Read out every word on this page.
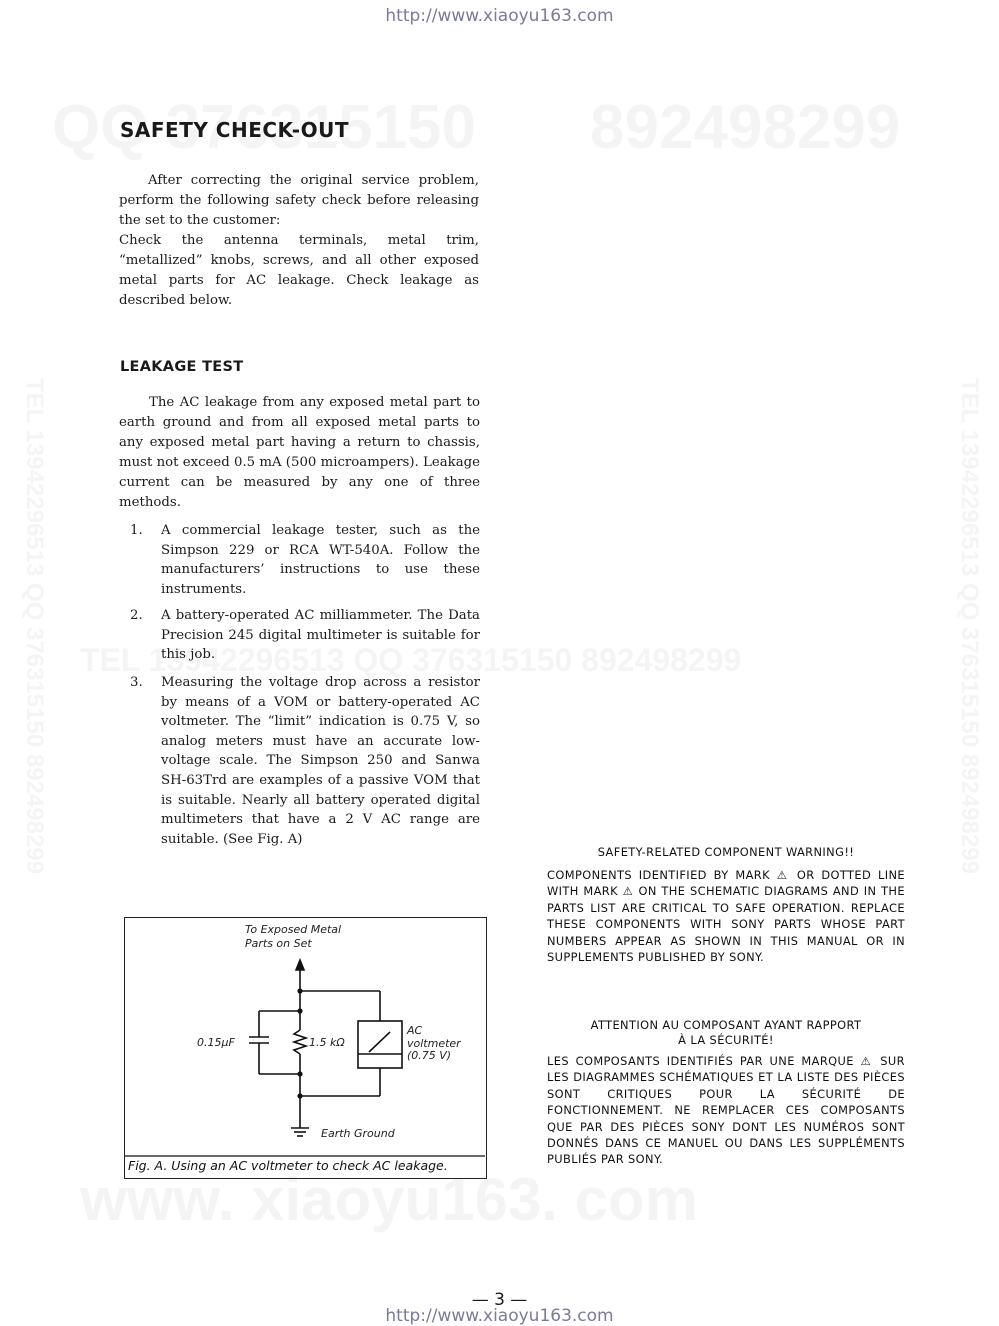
http://www.xiaoyu163.com
SAFETY CHECK-OUT

After correcting the original service problem, perform the following safety check before releasing the set to the customer:

Check the antenna terminals, metal trim, “metallized” knobs, screws, and all other exposed metal parts for AC leakage. Check leakage as described below.

LEAKAGE TEST

The AC leakage from any exposed metal part to earth ground and from all exposed metal parts to any exposed metal part having a return to chassis, must not exceed 0.5 mA (500 microampers). Leakage current can be measured by any one of three methods.

1. A commercial leakage tester, such as the Simpson 229 or RCA WT-540A. Follow the manufacturers’ instructions to use these instruments.
2. A battery-operated AC milliammeter. The Data Precision 245 digital multimeter is suitable for this job.
3. Measuring the voltage drop across a resistor by means of a VOM or battery-operated AC voltmeter. The “limit” indication is 0.75 V, so analog meters must have an accurate low-voltage scale. The Simpson 250 and Sanwa SH-63Trd are examples of a passive VOM that is suitable. Nearly all battery operated digital multimeters that have a 2 V AC range are suitable. (See Fig. A)
To Exposed Metal
Parts on Set
0.15μF	1.5 kΩ
AC
voltmeter
(0.75 V)
Earth Ground
Fig. A. Using an AC voltmeter to check AC leakage.
SAFETY-RELATED COMPONENT WARNING!!
COMPONENTS IDENTIFIED BY MARK ⚠ OR DOTTED LINE WITH MARK ⚠ ON THE SCHEMATIC DIAGRAMS AND IN THE PARTS LIST ARE CRITICAL TO SAFE OPERATION. REPLACE THESE COMPONENTS WITH SONY PARTS WHOSE PART NUMBERS APPEAR AS SHOWN IN THIS MANUAL OR IN SUPPLEMENTS PUBLISHED BY SONY.
ATTENTION AU COMPOSANT AYANT RAPPORT
À LA SÉCURITÉ!
LES COMPOSANTS IDENTIFIÉS PAR UNE MARQUE ⚠ SUR LES DIAGRAMMES SCHÉMATIQUES ET LA LISTE DES PIÈCES SONT CRITIQUES POUR LA SÉCURITÉ DE FONCTIONNEMENT. NE REMPLACER CES COMPOSANTS QUE PAR DES PIÈCES SONY DONT LES NUMÉROS SONT DONNÉS DANS CE MANUEL OU DANS LES SUPPLÉMENTS PUBLIÉS PAR SONY.
— 3 —
http://www.xiaoyu163.com
